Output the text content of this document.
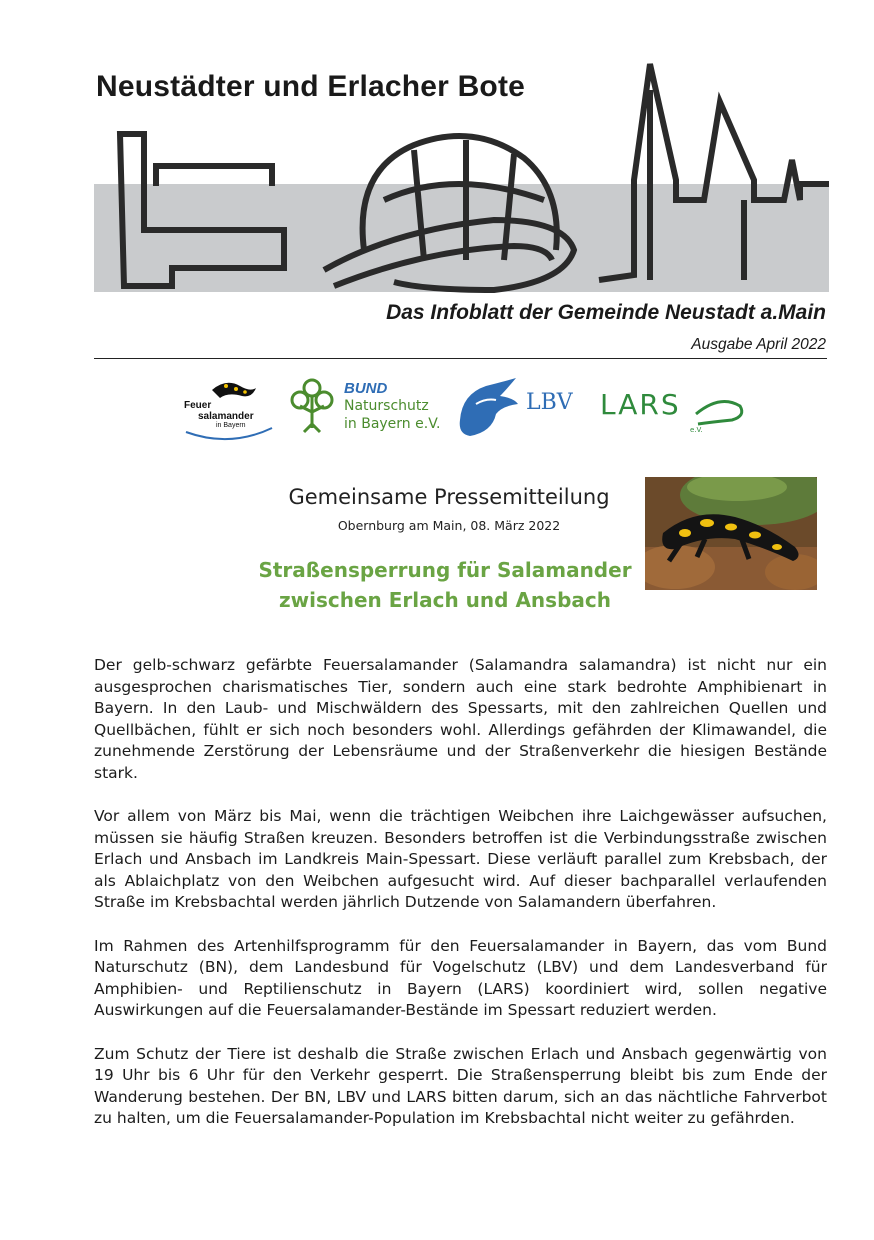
Neustädter und Erlacher Bote
Das Infoblatt der Gemeinde Neustadt a.Main
Ausgabe April 2022
Feuer
salamander
in Bayern
BUND
Naturschutz
in Bayern e.V.
LBV LARS
e.V.
Gemeinsame Pressemitteilung
Obernburg am Main, 08. März 2022
Straßensperrung für Salamander
zwischen Erlach und Ansbach

Der gelb-schwarz gefärbte Feuersalamander (Salamandra salamandra) ist nicht nur ein ausgesprochen charismatisches Tier, sondern auch eine stark bedrohte Amphibienart in Bayern. In den Laub- und Mischwäldern des Spessarts, mit den zahlreichen Quellen und Quellbächen, fühlt er sich noch besonders wohl. Allerdings gefährden der Klimawandel, die zunehmende Zerstörung der Lebensräume und der Straßenverkehr die hiesigen Bestände stark.

Vor allem von März bis Mai, wenn die trächtigen Weibchen ihre Laichgewässer aufsuchen, müssen sie häufig Straßen kreuzen. Besonders betroffen ist die Verbindungsstraße zwischen Erlach und Ansbach im Landkreis Main-Spessart. Diese verläuft parallel zum Krebsbach, der als Ablaichplatz von den Weibchen aufgesucht wird. Auf dieser bachparallel verlaufenden Straße im Krebsbachtal werden jährlich Dutzende von Salamandern überfahren.

Im Rahmen des Artenhilfsprogramm für den Feuersalamander in Bayern, das vom Bund Naturschutz (BN), dem Landesbund für Vogelschutz (LBV) und dem Landesverband für Amphibien- und Reptilienschutz in Bayern (LARS) koordiniert wird, sollen negative Auswirkungen auf die Feuersalamander-Bestände im Spessart reduziert werden.

Zum Schutz der Tiere ist deshalb die Straße zwischen Erlach und Ansbach gegenwärtig von 19 Uhr bis 6 Uhr für den Verkehr gesperrt. Die Straßensperrung bleibt bis zum Ende der Wanderung bestehen. Der BN, LBV und LARS bitten darum, sich an das nächtliche Fahrverbot zu halten, um die Feuersalamander-Population im Krebsbachtal nicht weiter zu gefährden.
